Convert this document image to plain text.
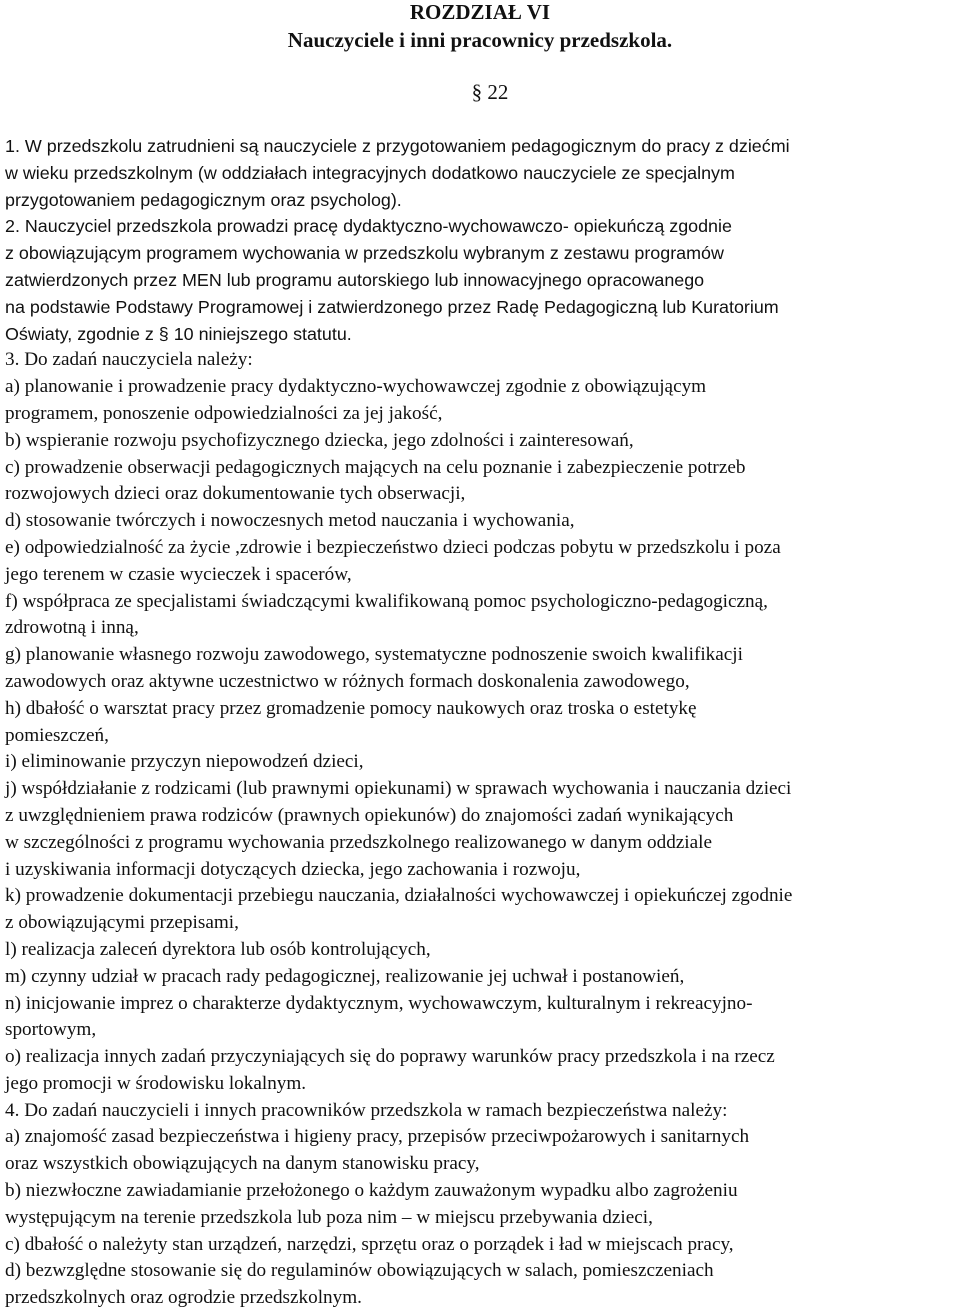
ROZDZIAŁ VI
Nauczyciele i inni pracownicy przedszkola.
§ 22
1. W przedszkolu zatrudnieni są nauczyciele z przygotowaniem pedagogicznym do pracy z dziećmi
w wieku przedszkolnym (w oddziałach integracyjnych dodatkowo nauczyciele ze specjalnym
przygotowaniem pedagogicznym oraz psycholog).
2. Nauczyciel przedszkola prowadzi pracę dydaktyczno-wychowawczo- opiekuńczą zgodnie
z obowiązującym programem wychowania w przedszkolu wybranym z zestawu programów
zatwierdzonych przez MEN lub programu autorskiego lub innowacyjnego opracowanego
na podstawie Podstawy Programowej i zatwierdzonego przez Radę Pedagogiczną lub Kuratorium
Oświaty, zgodnie z § 10 niniejszego statutu.
3. Do zadań nauczyciela należy:
a) planowanie i prowadzenie pracy dydaktyczno-wychowawczej zgodnie z obowiązującym
programem, ponoszenie odpowiedzialności za jej jakość,
b) wspieranie rozwoju psychofizycznego dziecka, jego zdolności i zainteresowań,
c) prowadzenie obserwacji pedagogicznych mających na celu poznanie i zabezpieczenie potrzeb
rozwojowych dzieci oraz dokumentowanie tych obserwacji,
d) stosowanie twórczych i nowoczesnych metod nauczania i wychowania,
e) odpowiedzialność za życie ,zdrowie i bezpieczeństwo dzieci podczas pobytu w przedszkolu i poza
jego terenem w czasie wycieczek i spacerów,
f) współpraca ze specjalistami świadczącymi kwalifikowaną pomoc psychologiczno-pedagogiczną,
zdrowotną i inną,
g) planowanie własnego rozwoju zawodowego, systematyczne podnoszenie swoich kwalifikacji
zawodowych oraz aktywne uczestnictwo w różnych formach doskonalenia zawodowego,
h) dbałość o warsztat pracy przez gromadzenie pomocy naukowych oraz troska o estetykę
pomieszczeń,
i) eliminowanie przyczyn niepowodzeń dzieci,
j) współdziałanie z rodzicami (lub prawnymi opiekunami) w sprawach wychowania i nauczania dzieci
z uwzględnieniem prawa rodziców (prawnych opiekunów) do znajomości zadań wynikających
w szczególności z programu wychowania przedszkolnego realizowanego w danym oddziale
i uzyskiwania informacji dotyczących dziecka, jego zachowania i rozwoju,
k) prowadzenie dokumentacji przebiegu nauczania, działalności wychowawczej i opiekuńczej zgodnie
z obowiązującymi przepisami,
l) realizacja zaleceń dyrektora lub osób kontrolujących,
m) czynny udział w pracach rady pedagogicznej, realizowanie jej uchwał i postanowień,
n) inicjowanie imprez o charakterze dydaktycznym, wychowawczym, kulturalnym i rekreacyjno-
sportowym,
o) realizacja innych zadań przyczyniających się do poprawy warunków pracy przedszkola i na rzecz
jego promocji w środowisku lokalnym.
4. Do zadań nauczycieli i innych pracowników przedszkola w ramach bezpieczeństwa należy:
a) znajomość zasad bezpieczeństwa i higieny pracy, przepisów przeciwpożarowych i sanitarnych
oraz wszystkich obowiązujących na danym stanowisku pracy,
b) niezwłoczne zawiadamianie przełożonego o każdym zauważonym wypadku albo zagrożeniu
występującym na terenie przedszkola lub poza nim – w miejscu przebywania dzieci,
c) dbałość o należyty stan urządzeń, narzędzi, sprzętu oraz o porządek i ład w miejscach pracy,
d) bezwzględne stosowanie się do regulaminów obowiązujących w salach, pomieszczeniach
przedszkolnych oraz ogrodzie przedszkolnym.
